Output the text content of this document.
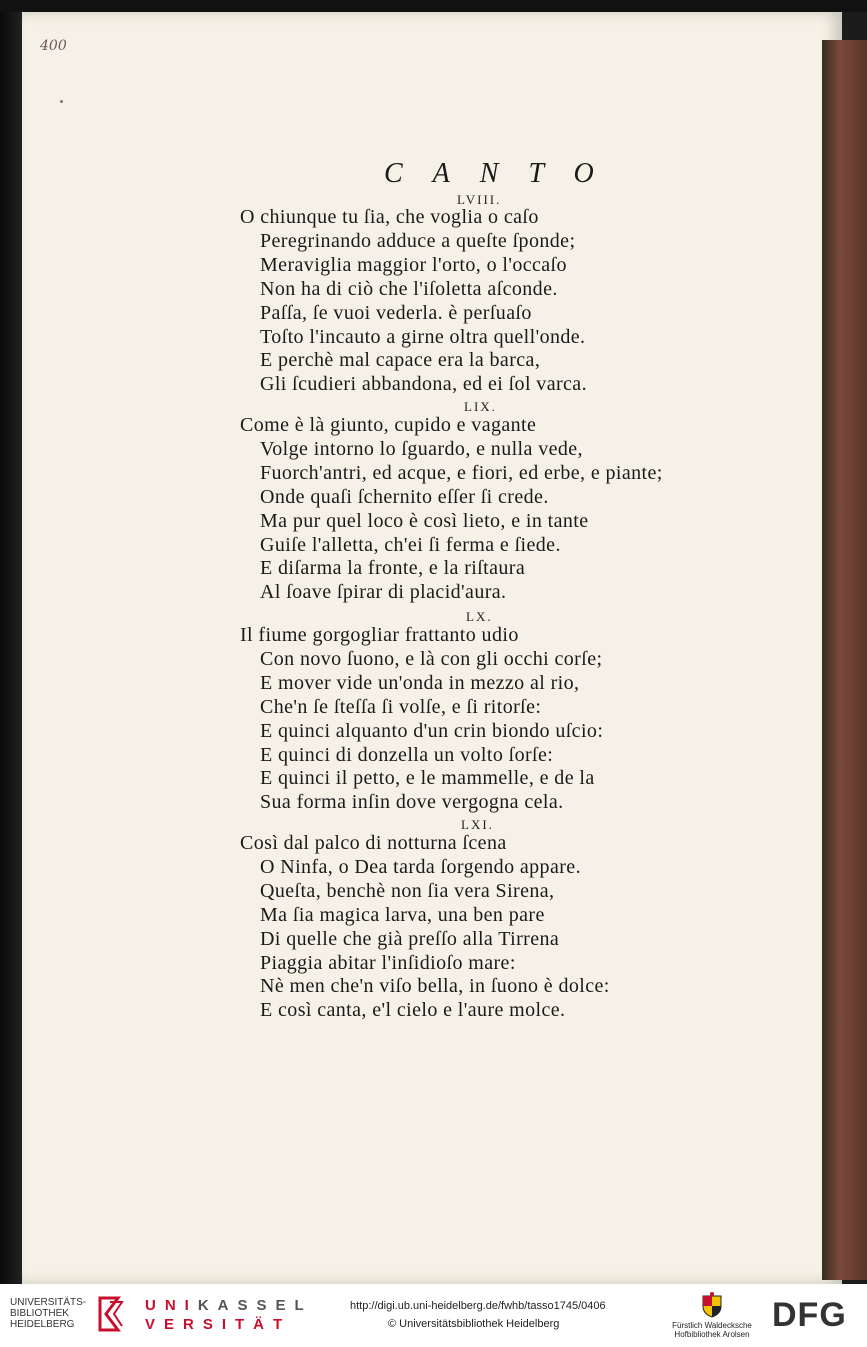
400
CANTO
LVIII.
O chiunque tu ſia, che voglia o caſo
Peregrinando adduce a queſte ſponde;
Meraviglia maggior l'orto, o l'occaſo
Non ha di ciò che l'iſoletta aſconde.
Paſſa, ſe vuoi vederla. è perſuaſo
Toſto l'incauto a girne oltra quell'onde.
E perchè mal capace era la barca,
Gli ſcudieri abbandona, ed ei ſol varca.
LIX.
Come è là giunto, cupido e vagante
Volge intorno lo ſguardo, e nulla vede,
Fuorch'antri, ed acque, e fiori, ed erbe, e piante;
Onde quaſi ſchernito eſſer ſi crede.
Ma pur quel loco è così lieto, e in tante
Guiſe l'alletta, ch'ei ſi ferma e ſiede.
E diſarma la fronte, e la riſtaura
Al ſoave ſpirar di placid'aura.
LX.
Il fiume gorgogliar frattanto udio
Con novo ſuono, e là con gli occhi corſe;
E mover vide un'onda in mezzo al rio,
Che'n ſe ſteſſa ſi volſe, e ſi ritorſe:
E quinci alquanto d'un crin biondo uſcio:
E quinci di donzella un volto ſorſe:
E quinci il petto, e le mammelle, e de la
Sua forma inſin dove vergogna cela.
LXI.
Così dal palco di notturna ſcena
O Ninfa, o Dea tarda ſorgendo appare.
Queſta, benchè non ſia vera Sirena,
Ma ſia magica larva, una ben pare
Di quelle che già preſſo alla Tirrena
Piaggia abitar l'inſidioſo mare:
Nè men che'n viſo bella, in ſuono è dolce:
E così canta, e'l cielo e l'aure molce.
UNIVERSITÄTS-
BIBLIOTHEK
HEIDELBERG
UNIKASSEL
VERSITÄT
http://digi.ub.uni-heidelberg.de/fwhb/tasso1745/0406
© Universitätsbibliothek Heidelberg	Fürstlich Waldecksche
Hofbibliothek Arolsen
DFG
